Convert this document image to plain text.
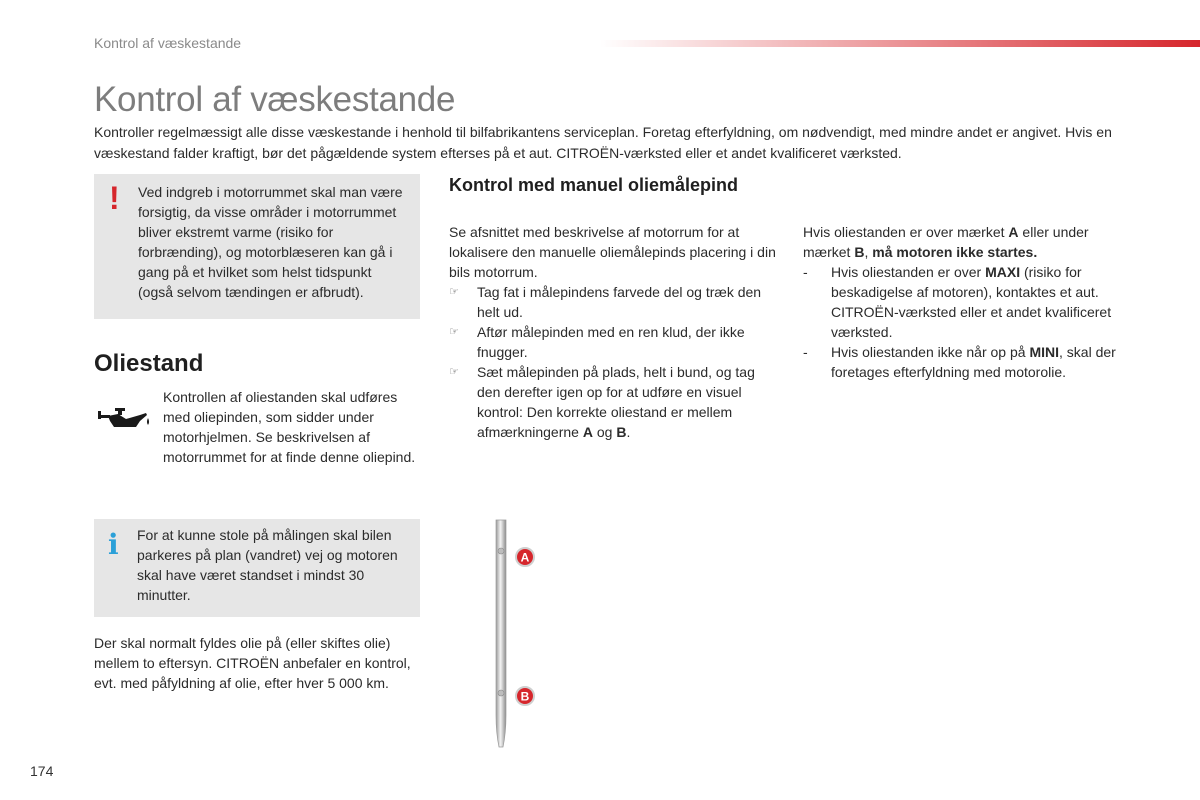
Kontrol af væskestande
Kontrol af væskestande

Kontroller regelmæssigt alle disse væskestande i henhold til bilfabrikantens serviceplan. Foretag efterfyldning, om nødvendigt, med mindre andet er angivet. Hvis en væskestand falder kraftigt, bør det pågældende system efterses på et aut. CITROËN-værksted eller et andet kvalificeret værksted.

! Ved indgreb i motorrummet skal man være forsigtig, da visse områder i motorrummet bliver ekstremt varme (risiko for forbrænding), og motorblæseren kan gå i gang på et hvilket som helst tidspunkt (også selvom tændingen er afbrudt).

Oliestand

Kontrollen af oliestanden skal udføres med oliepinden, som sidder under motorhjelmen. Se beskrivelsen af motorrummet for at finde denne oliepind.

i For at kunne stole på målingen skal bilen parkeres på plan (vandret) vej og motoren skal have været standset i mindst 30 minutter.

Der skal normalt fyldes olie på (eller skiftes olie) mellem to eftersyn. CITROËN anbefaler en kontrol, evt. med påfyldning af olie, efter hver 5 000 km.

Kontrol med manuel oliemålepind

Se afsnittet med beskrivelse af motorrum for at lokalisere den manuelle oliemålepinds placering i din bils motorrum.

☞ Tag fat i målepindens farvede del og træk den helt ud.
☞ Aftør målepinden med en ren klud, der ikke fnugger.
☞ Sæt målepinden på plads, helt i bund, og tag den derefter igen op for at udføre en visuel kontrol: Den korrekte oliestand er mellem afmærkningerne A og B.

Hvis oliestanden er over mærket A eller under mærket B, må motoren ikke startes.

- Hvis oliestanden er over MAXI (risiko for beskadigelse af motoren), kontaktes et aut. CITROËN-værksted eller et andet kvalificeret værksted.
- Hvis oliestanden ikke når op på MINI, skal der foretages efterfyldning med motorolie.
A
B
174
